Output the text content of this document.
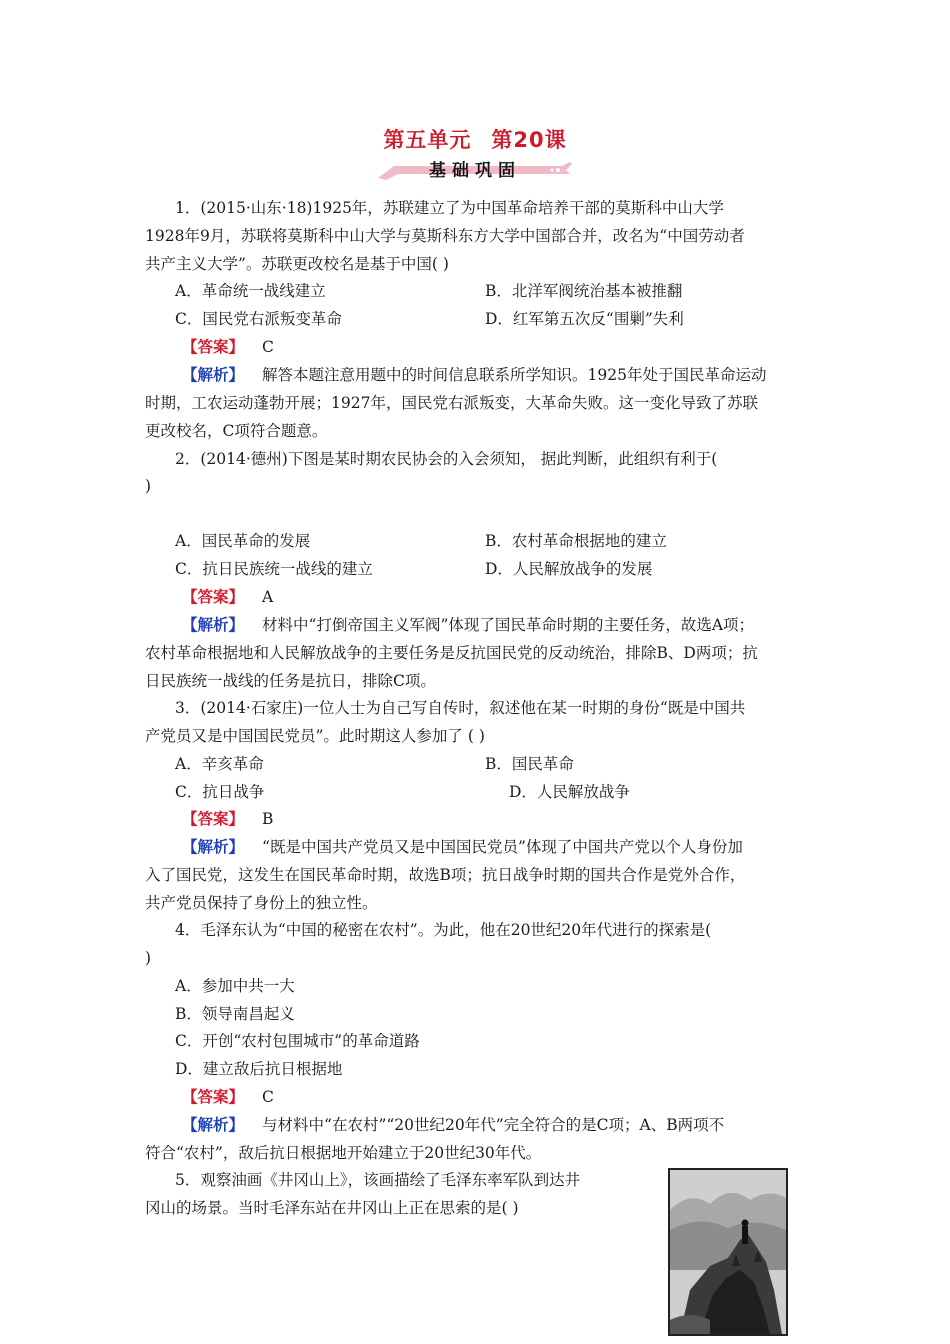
第五单元 第20课
基础巩固
1．(2015·山东·18)1925年，苏联建立了为中国革命培养干部的莫斯科中山大学
1928年9月，苏联将莫斯科中山大学与莫斯科东方大学中国部合并，改名为“中国劳动者
共产主义大学”。苏联更改校名是基于中国( )
A．革命统一战线建立	B．北洋军阀统治基本被推翻
C．国民党右派叛变革命	D．红军第五次反“围剿”失利
【答案】 C
【解析】 解答本题注意用题中的时间信息联系所学知识。1925年处于国民革命运动
时期，工农运动蓬勃开展；1927年，国民党右派叛变，大革命失败。这一变化导致了苏联
更改校名，C项符合题意。
2．(2014·德州)下图是某时期农民协会的入会须知， 据此判断，此组织有利于(
)
A．国民革命的发展	B．农村革命根据地的建立
C．抗日民族统一战线的建立	D．人民解放战争的发展
【答案】 A
【解析】 材料中“打倒帝国主义军阀”体现了国民革命时期的主要任务，故选A项；
农村革命根据地和人民解放战争的主要任务是反抗国民党的反动统治，排除B、D两项；抗
日民族统一战线的任务是抗日，排除C项。
3．(2014·石家庄)一位人士为自己写自传时，叙述他在某一时期的身份“既是中国共
产党员又是中国国民党员”。此时期这人参加了 ( )
A．辛亥革命	B．国民革命
C．抗日战争	D．人民解放战争
【答案】 B
【解析】 “既是中国共产党员又是中国国民党员”体现了中国共产党以个人身份加
入了国民党，这发生在国民革命时期，故选B项；抗日战争时期的国共合作是党外合作，
共产党员保持了身份上的独立性。
4．毛泽东认为“中国的秘密在农村”。为此，他在20世纪20年代进行的探索是(
)
A．参加中共一大
B．领导南昌起义
C．开创“农村包围城市”的革命道路
D．建立敌后抗日根据地
【答案】 C
【解析】 与材料中“在农村”“20世纪20年代”完全符合的是C项；A、B两项不
符合“农村”，敌后抗日根据地开始建立于20世纪30年代。
5．观察油画《井冈山上》，该画描绘了毛泽东率军队到达井
冈山的场景。当时毛泽东站在井冈山上正在思索的是( )
